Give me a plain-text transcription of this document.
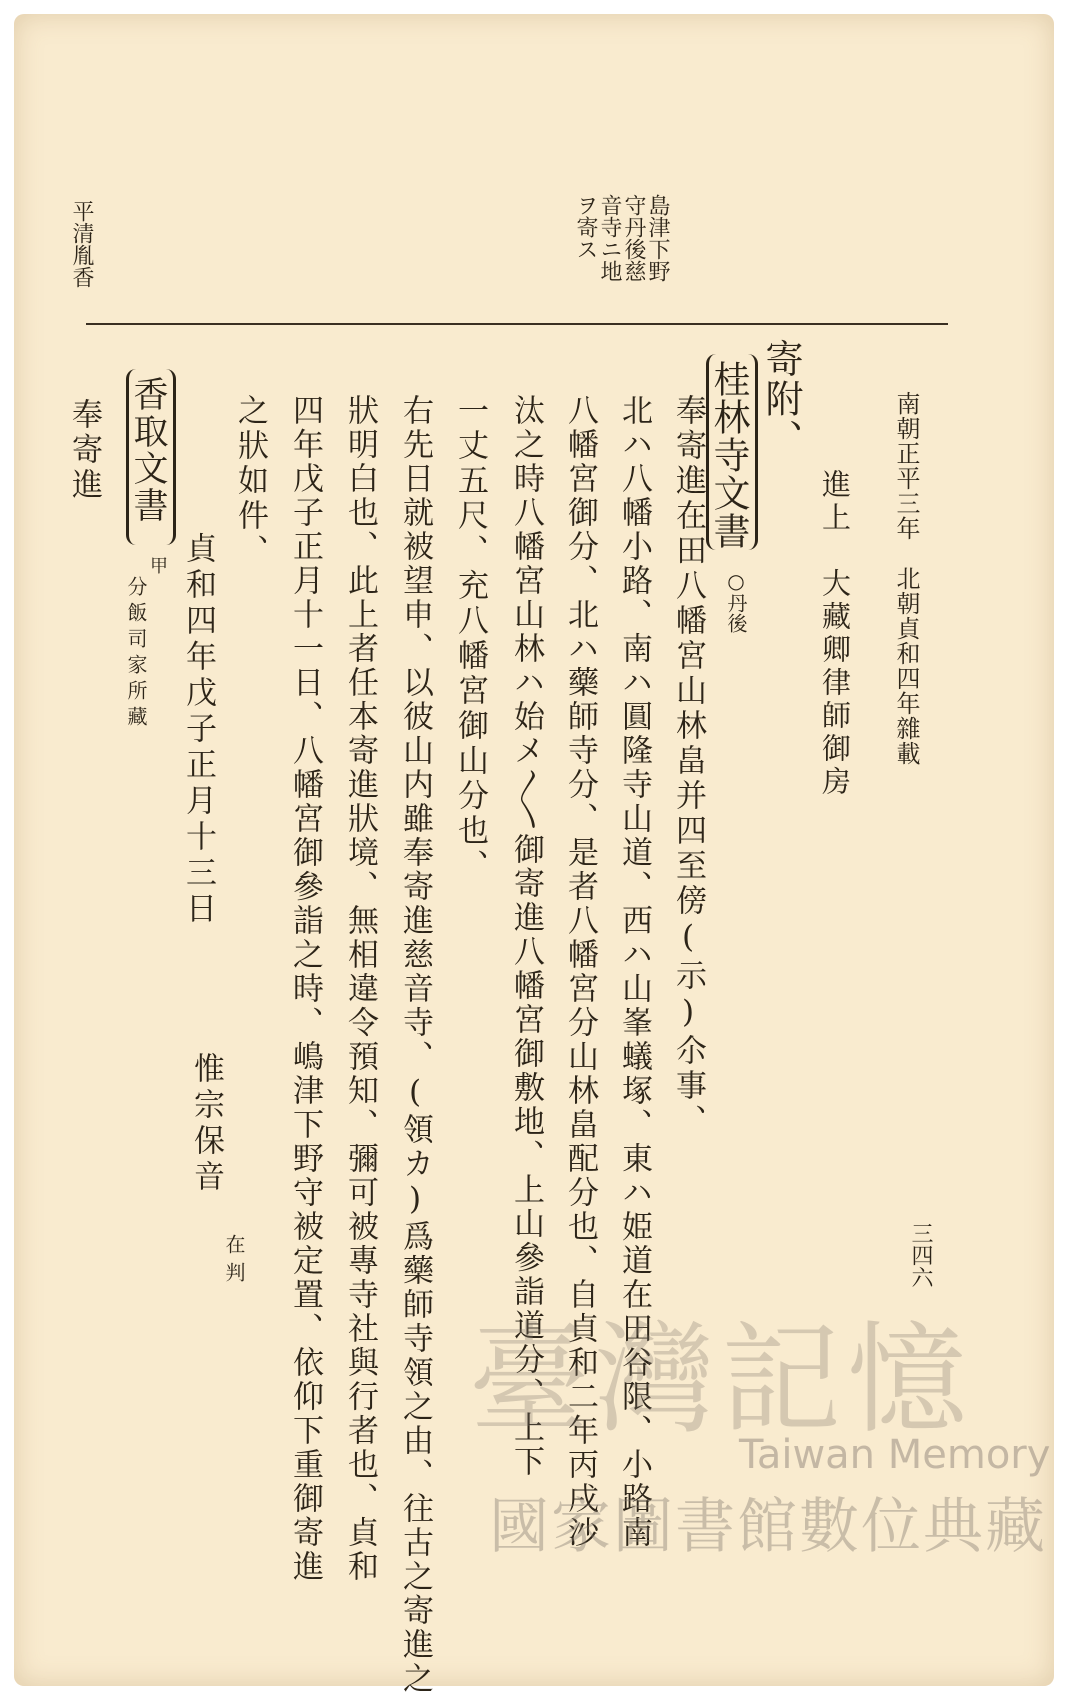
三四六
南朝正平三年　北朝貞和四年雜載
島津下野
守丹後慈
音寺ニ地
ヲ寄ス
平清胤香
進上　大藏卿律師御房
寄附、
桂林寺文書
○丹後
奉寄進在田八幡宮山林畠并四至傍(示)尒事、
北ハ八幡小路、南ハ圓隆寺山道、西ハ山峯蟻塚、東ハ姫道在田谷限、小路南
八幡宮御分、北ハ藥師寺分、是者八幡宮分山林畠配分也、自貞和二年丙戌沙
汰之時八幡宮山林ハ始メ〱御寄進八幡宮御敷地、上山參詣道分、上下
一丈五尺、充八幡宮御山分也、
右先日就被望申、以彼山内雖奉寄進慈音寺、(領カ)爲藥師寺領之由、往古之寄進之
狀明白也、此上者任本寄進狀境、無相違令預知、彌可被專寺社與行者也、貞和
四年戊子正月十一日、八幡宮御參詣之時、嶋津下野守被定置、依仰下重御寄進
之狀如件、
貞和四年戊子正月十三日
惟宗保音
在判
香取文書
甲
分飯司家所藏
奉寄進
臺灣記憶
Taiwan Memory
國家圖書館數位典藏
